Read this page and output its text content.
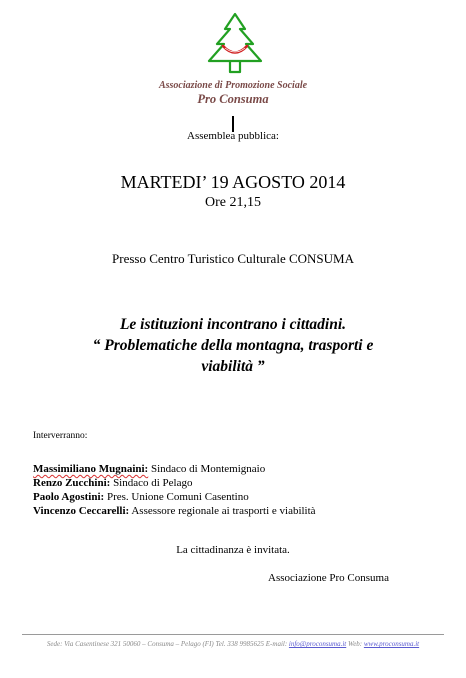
Associazione di Promozione Sociale
Pro Consuma
Assemblea pubblica:
MARTEDI’ 19 AGOSTO 2014
Ore 21,15
Presso Centro Turistico Culturale CONSUMA
Le istituzioni incontrano i cittadini.
“ Problematiche della montagna, trasporti e
viabilità ”
Interverranno:
Massimiliano Mugnaini: Sindaco di Montemignaio
Renzo Zucchini: Sindaco di Pelago
Paolo Agostini: Pres. Unione Comuni Casentino
Vincenzo Ceccarelli: Assessore regionale ai trasporti e viabilità
La cittadinanza è invitata.
Associazione Pro Consuma
Sede: Via Casentinese 321 50060 – Consuma – Pelago (FI) Tel. 338 9985625 E-mail: info@proconsuma.it Web: www.proconsuma.it
